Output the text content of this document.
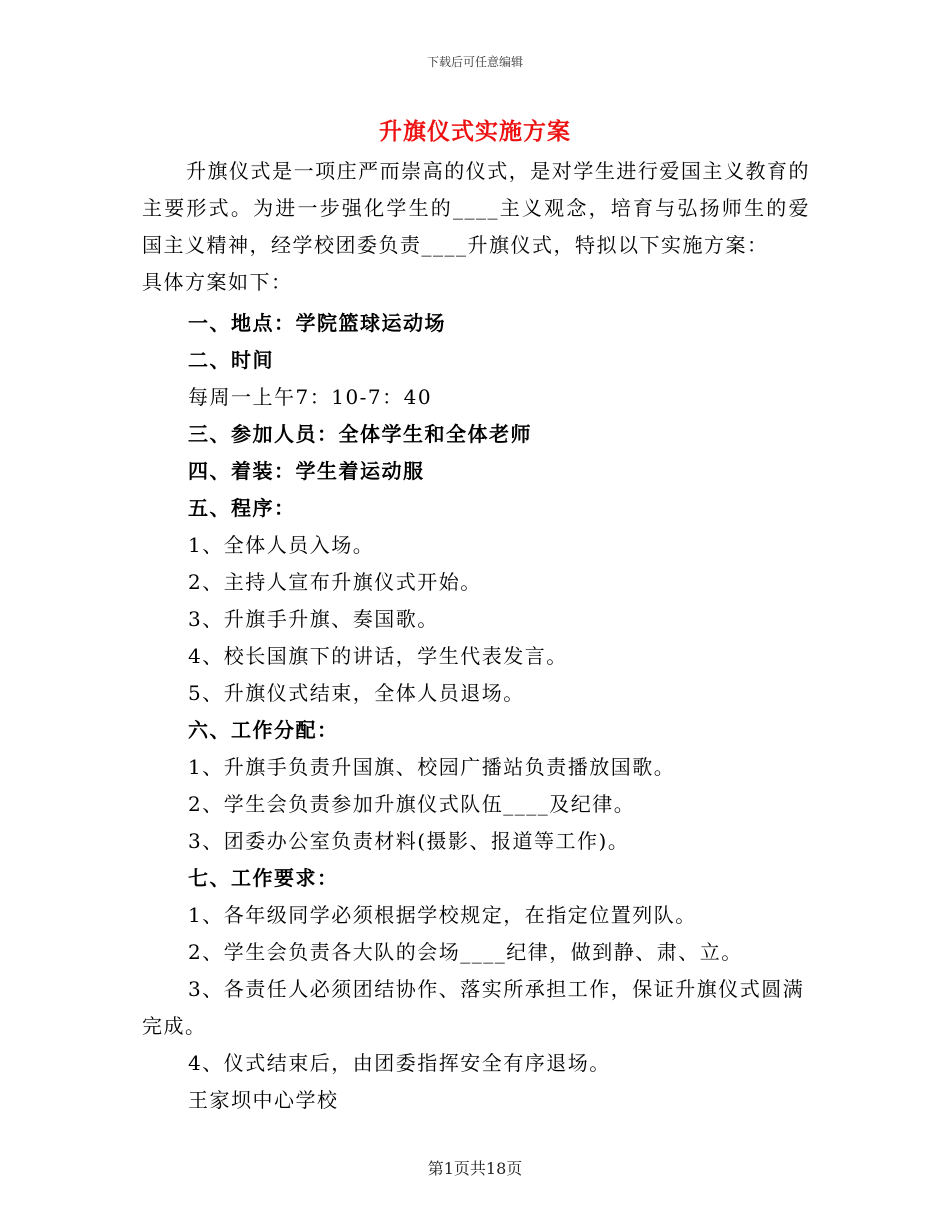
下载后可任意编辑
升旗仪式实施方案
升旗仪式是一项庄严而崇高的仪式，是对学生进行爱国主义教育的主要形式。为进一步强化学生的____主义观念，培育与弘扬师生的爱国主义精神，经学校团委负责____升旗仪式，特拟以下实施方案：
具体方案如下：
一、地点：学院篮球运动场
二、时间
每周一上午7：10-7：40
三、参加人员：全体学生和全体老师
四、着装：学生着运动服
五、程序：
1、全体人员入场。
2、主持人宣布升旗仪式开始。
3、升旗手升旗、奏国歌。
4、校长国旗下的讲话，学生代表发言。
5、升旗仪式结束，全体人员退场。
六、工作分配：
1、升旗手负责升国旗、校园广播站负责播放国歌。
2、学生会负责参加升旗仪式队伍____及纪律。
3、团委办公室负责材料(摄影、报道等工作)。
七、工作要求：
1、各年级同学必须根据学校规定，在指定位置列队。
2、学生会负责各大队的会场____纪律，做到静、肃、立。
3、各责任人必须团结协作、落实所承担工作，保证升旗仪式圆满完成。
4、仪式结束后，由团委指挥安全有序退场。
王家坝中心学校
第1页共18页
